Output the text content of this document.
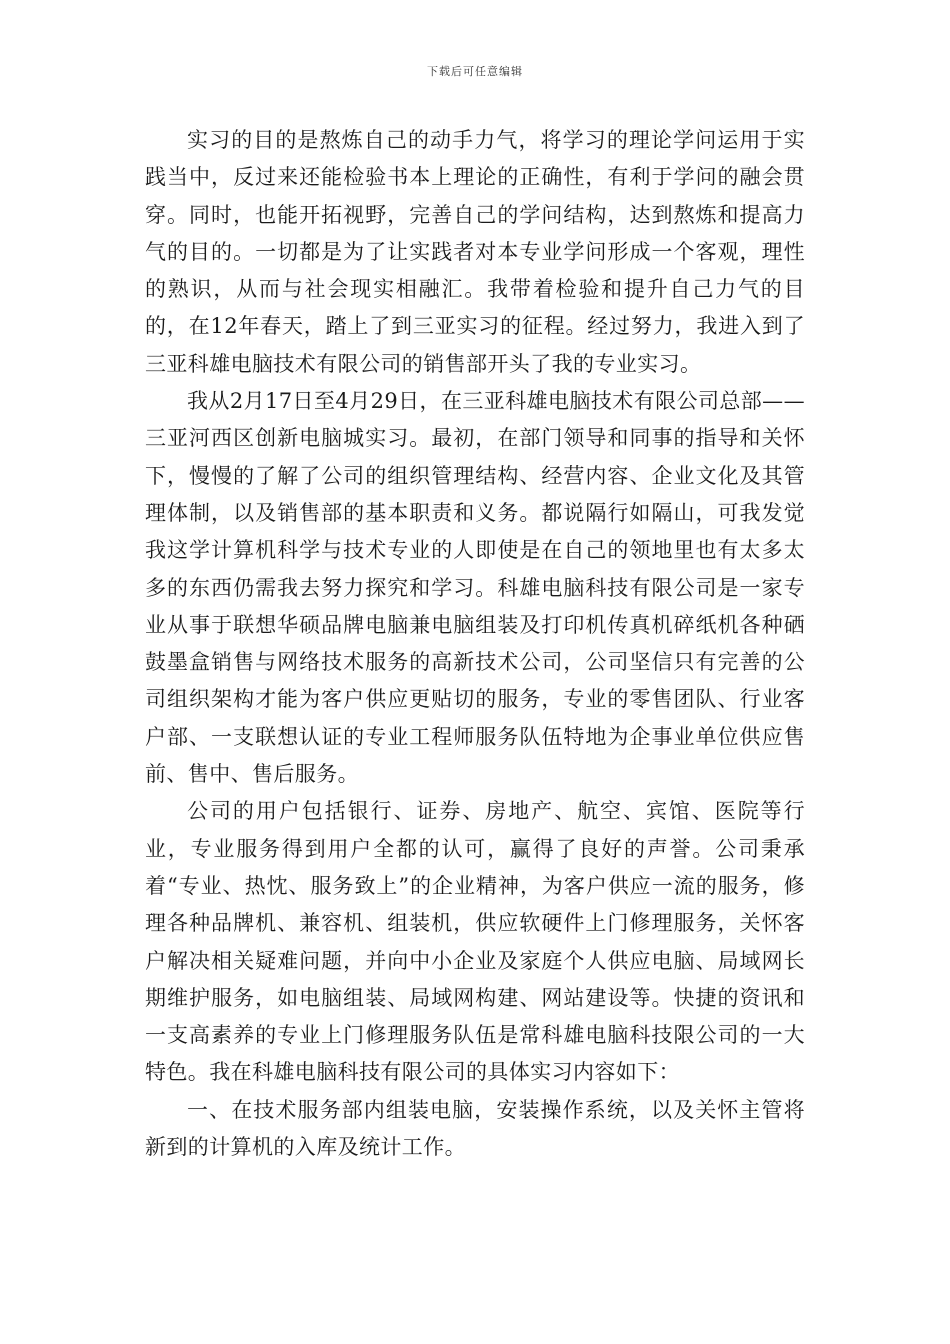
下载后可任意编辑

实习的目的是熬炼自己的动手力气，将学习的理论学问运用于实践当中，反过来还能检验书本上理论的正确性，有利于学问的融会贯穿。同时，也能开拓视野，完善自己的学问结构，达到熬炼和提高力气的目的。一切都是为了让实践者对本专业学问形成一个客观，理性的熟识，从而与社会现实相融汇。我带着检验和提升自己力气的目的，在12年春天，踏上了到三亚实习的征程。经过努力，我进入到了三亚科雄电脑技术有限公司的销售部开头了我的专业实习。

我从2月17日至4月29日，在三亚科雄电脑技术有限公司总部——三亚河西区创新电脑城实习。最初，在部门领导和同事的指导和关怀下，慢慢的了解了公司的组织管理结构、经营内容、企业文化及其管理体制，以及销售部的基本职责和义务。都说隔行如隔山，可我发觉我这学计算机科学与技术专业的人即使是在自己的领地里也有太多太多的东西仍需我去努力探究和学习。科雄电脑科技有限公司是一家专业从事于联想华硕品牌电脑兼电脑组装及打印机传真机碎纸机各种硒鼓墨盒销售与网络技术服务的高新技术公司，公司坚信只有完善的公司组织架构才能为客户供应更贴切的服务，专业的零售团队、行业客户部、一支联想认证的专业工程师服务队伍特地为企事业单位供应售前、售中、售后服务。

公司的用户包括银行、证券、房地产、航空、宾馆、医院等行业，专业服务得到用户全都的认可，赢得了良好的声誉。公司秉承着“专业、热忱、服务致上”的企业精神，为客户供应一流的服务，修理各种品牌机、兼容机、组装机，供应软硬件上门修理服务，关怀客户解决相关疑难问题，并向中小企业及家庭个人供应电脑、局域网长期维护服务，如电脑组装、局域网构建、网站建设等。快捷的资讯和一支高素养的专业上门修理服务队伍是常科雄电脑科技限公司的一大特色。我在科雄电脑科技有限公司的具体实习内容如下：

一、在技术服务部内组装电脑，安装操作系统，以及关怀主管将新到的计算机的入库及统计工作。
